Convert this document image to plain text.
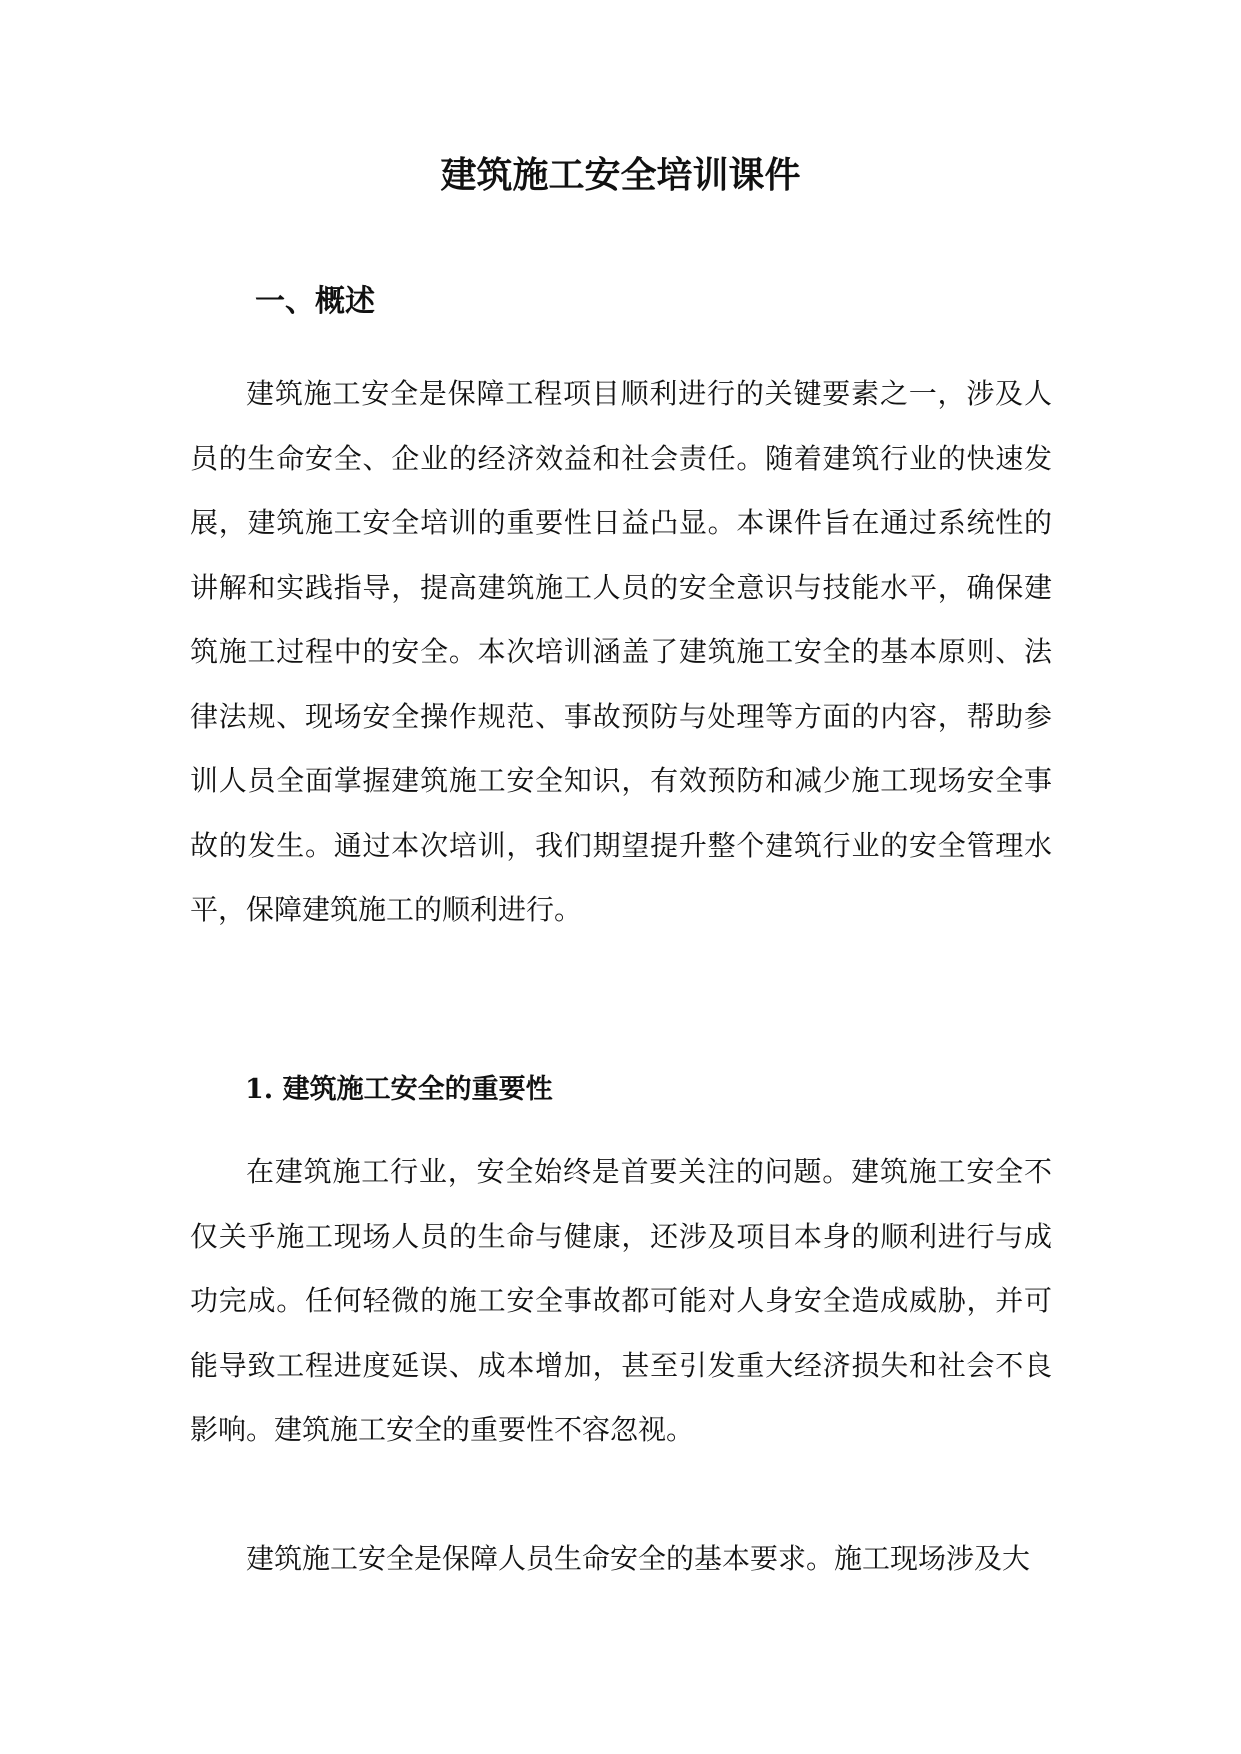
建筑施工安全培训课件
一、概述

建筑施工安全是保障工程项目顺利进行的关键要素之一，涉及人员的生命安全、企业的经济效益和社会责任。随着建筑行业的快速发展，建筑施工安全培训的重要性日益凸显。本课件旨在通过系统性的讲解和实践指导，提高建筑施工人员的安全意识与技能水平，确保建筑施工过程中的安全。本次培训涵盖了建筑施工安全的基本原则、法律法规、现场安全操作规范、事故预防与处理等方面的内容，帮助参训人员全面掌握建筑施工安全知识，有效预防和减少施工现场安全事故的发生。通过本次培训，我们期望提升整个建筑行业的安全管理水平，保障建筑施工的顺利进行。

1. 建筑施工安全的重要性

在建筑施工行业，安全始终是首要关注的问题。建筑施工安全不仅关乎施工现场人员的生命与健康，还涉及项目本身的顺利进行与成功完成。任何轻微的施工安全事故都可能对人身安全造成威胁，并可能导致工程进度延误、成本增加，甚至引发重大经济损失和社会不良影响。建筑施工安全的重要性不容忽视。

建筑施工安全是保障人员生命安全的基本要求。施工现场涉及大
